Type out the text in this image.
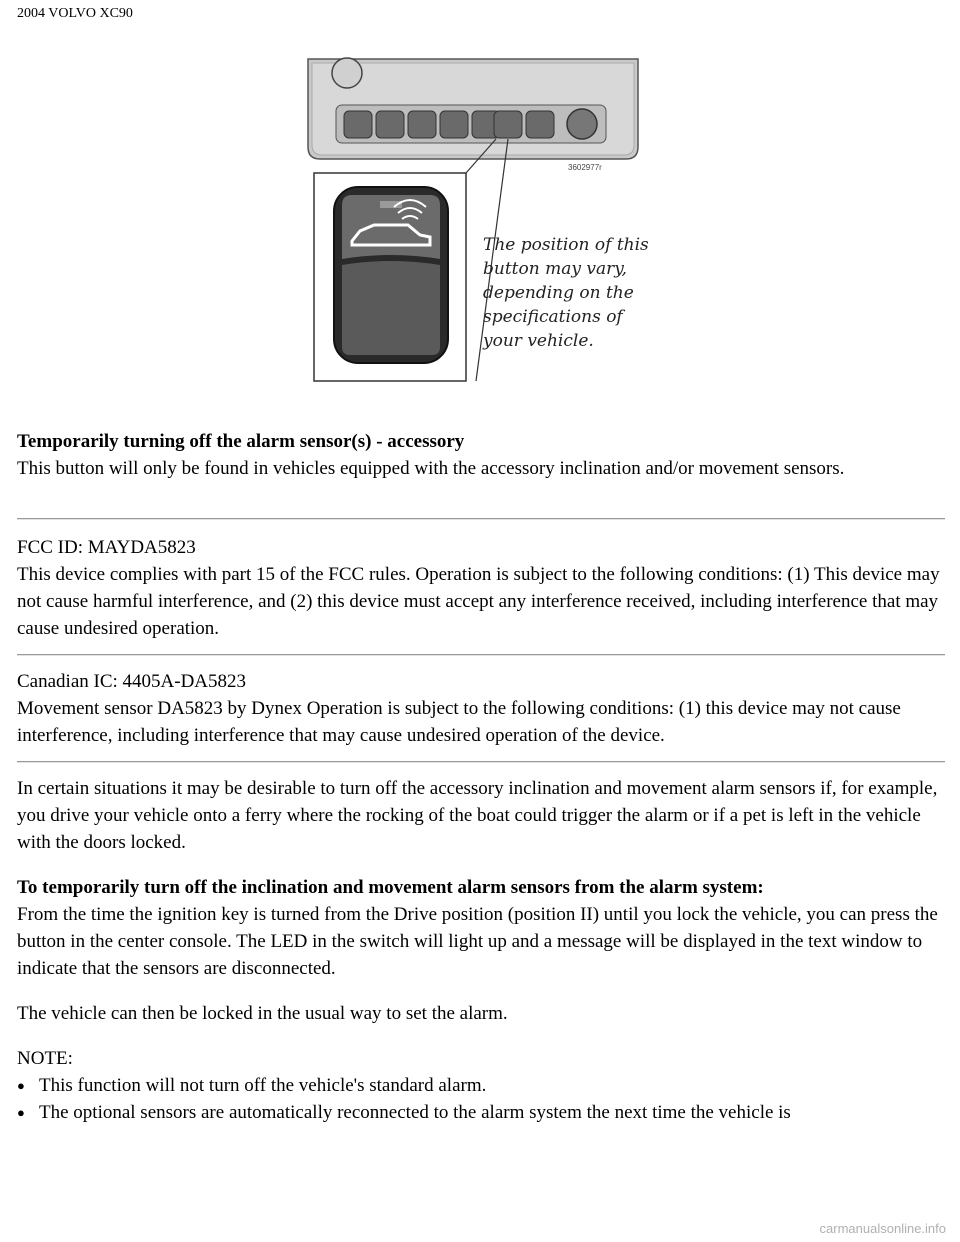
2004 VOLVO XC90
3602977r
The position of this
button may vary,
depending on the
specifications of
your vehicle.

Temporarily turning off the alarm sensor(s) - accessory

This button will only be found in vehicles equipped with the accessory inclination and/or movement sensors.

FCC ID: MAYDA5823

This device complies with part 15 of the FCC rules. Operation is subject to the following conditions: (1) This device may not cause harmful interference, and (2) this device must accept any interference received, including interference that may cause undesired operation.

Canadian IC: 4405A-DA5823

Movement sensor DA5823 by Dynex Operation is subject to the following conditions: (1) this device may not cause interference, including interference that may cause undesired operation of the device.

In certain situations it may be desirable to turn off the accessory inclination and movement alarm sensors if, for example, you drive your vehicle onto a ferry where the rocking of the boat could trigger the alarm or if a pet is left in the vehicle with the doors locked.

To temporarily turn off the inclination and movement alarm sensors from the alarm system:

From the time the ignition key is turned from the Drive position (position II) until you lock the vehicle, you can press the button in the center console. The LED in the switch will light up and a message will be displayed in the text window to indicate that the sensors are disconnected.

The vehicle can then be locked in the usual way to set the alarm.

NOTE:

● This function will not turn off the vehicle's standard alarm.
● The optional sensors are automatically reconnected to the alarm system the next time the vehicle is
carmanualsonline.info
